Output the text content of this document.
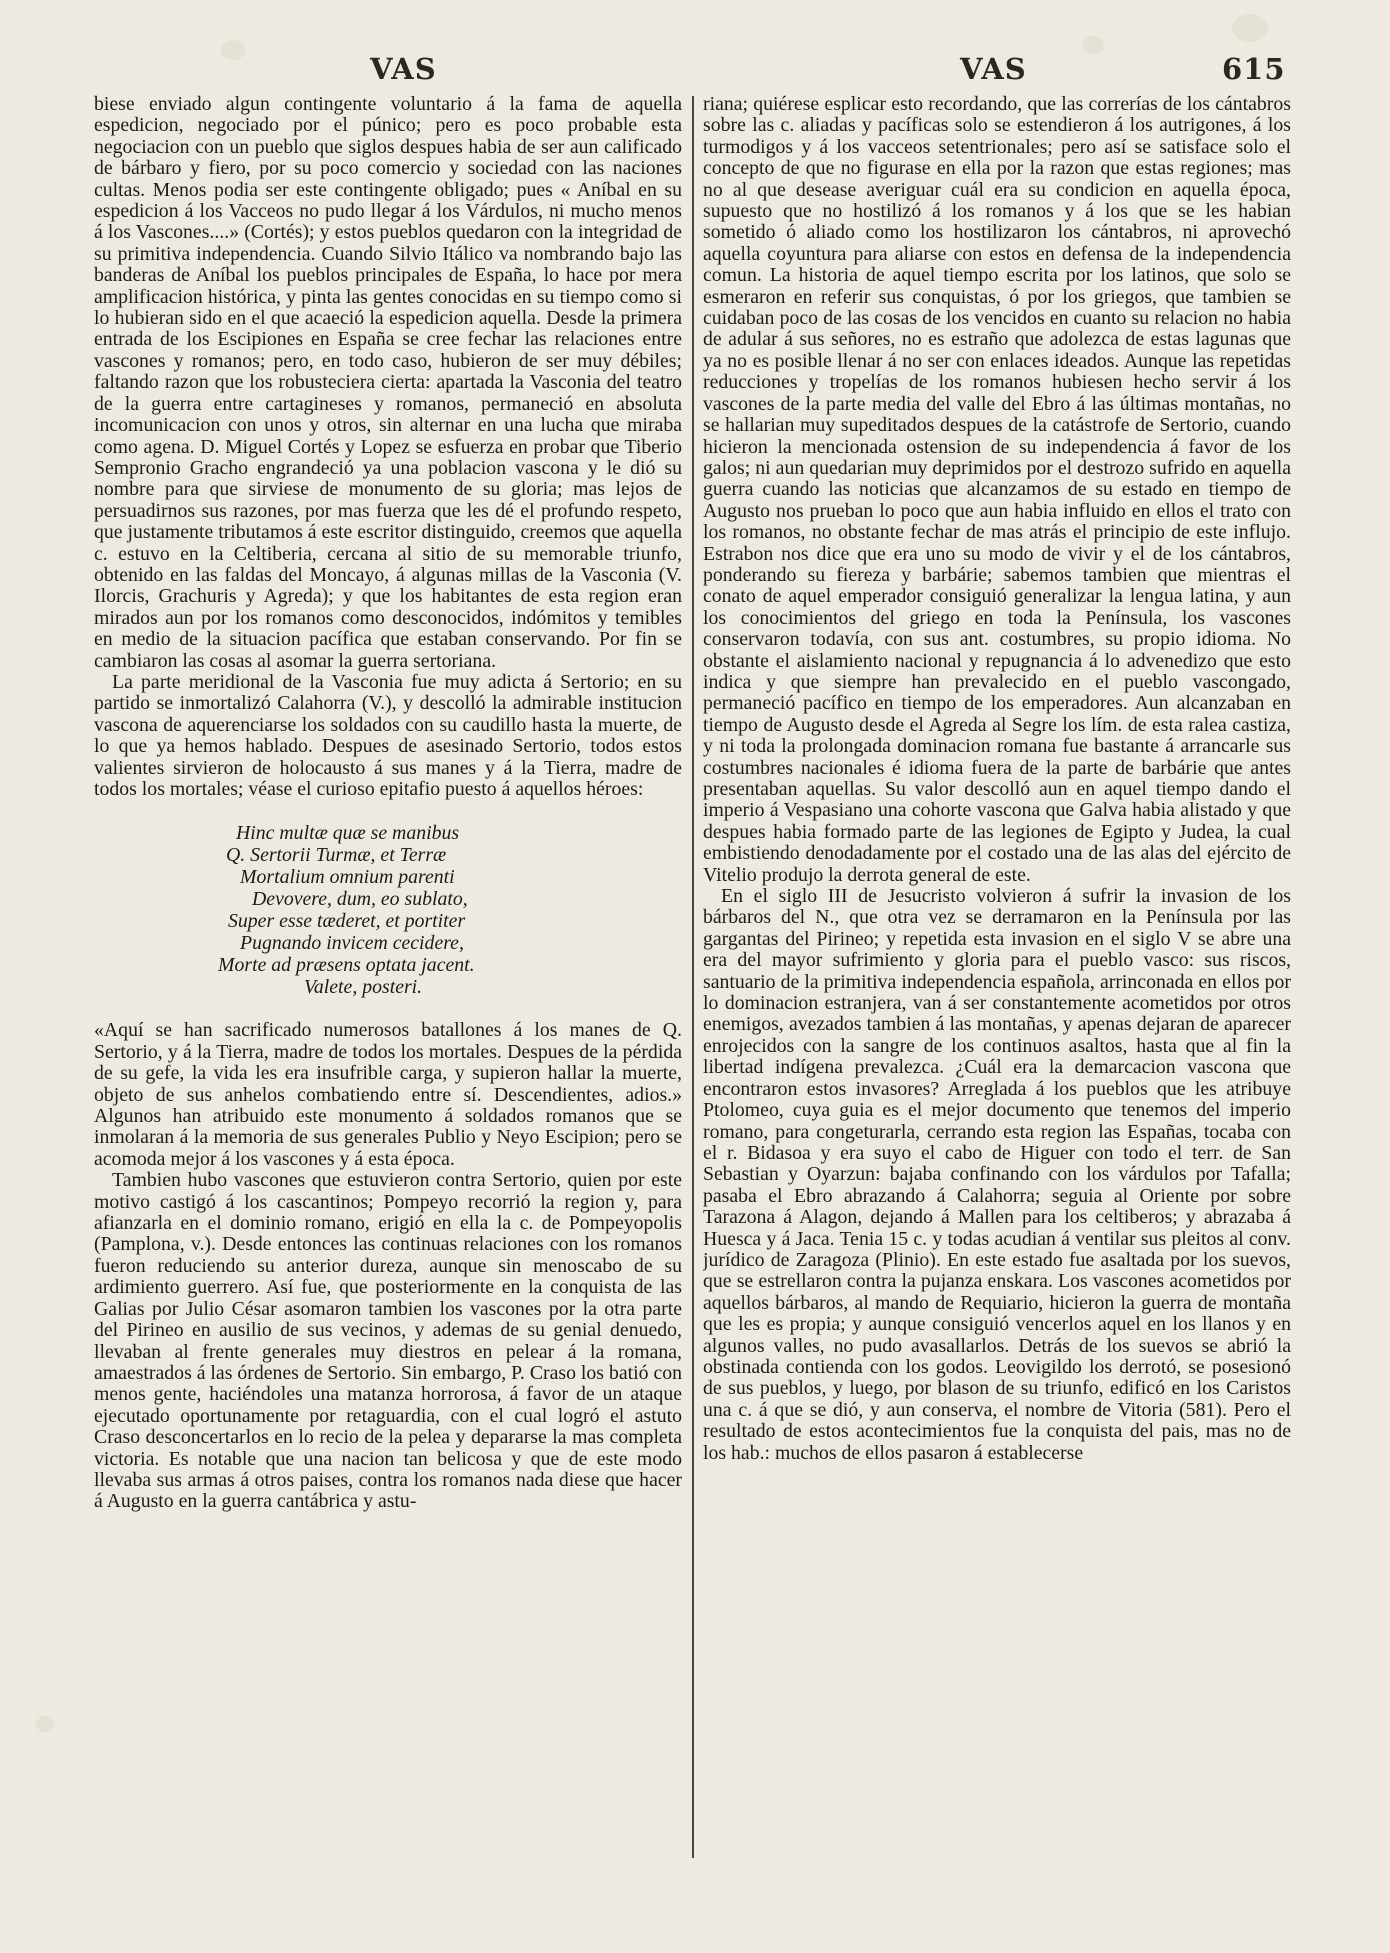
VAS	VAS	615

biese enviado algun contingente voluntario á la fama de aquella espedicion, negociado por el púnico; pero es poco probable esta negociacion con un pueblo que siglos despues habia de ser aun calificado de bárbaro y fiero, por su poco comercio y sociedad con las naciones cultas. Menos podia ser este contingente obligado; pues « Aníbal en su espedicion á los Vacceos no pudo llegar á los Várdulos, ni mucho menos á los Vascones....» (Cortés); y estos pueblos quedaron con la integridad de su primitiva independencia. Cuando Silvio Itálico va nombrando bajo las banderas de Aníbal los pueblos principales de España, lo hace por mera amplificacion histórica, y pinta las gentes conocidas en su tiempo como si lo hubieran sido en el que acaeció la espedicion aquella. Desde la primera entrada de los Escipiones en España se cree fechar las relaciones entre vascones y romanos; pero, en todo caso, hubieron de ser muy débiles; faltando razon que los robusteciera cierta: apartada la Vasconia del teatro de la guerra entre cartagineses y romanos, permaneció en absoluta incomunicacion con unos y otros, sin alternar en una lucha que miraba como agena. D. Miguel Cortés y Lopez se esfuerza en probar que Tiberio Sempronio Gracho engrandeció ya una poblacion vascona y le dió su nombre para que sirviese de monumento de su gloria; mas lejos de persuadirnos sus razones, por mas fuerza que les dé el profundo respeto, que justamente tributamos á este escritor distinguido, creemos que aquella c. estuvo en la Celtiberia, cercana al sitio de su memorable triunfo, obtenido en las faldas del Moncayo, á algunas millas de la Vasconia (V. Ilorcis, Grachuris y Agreda); y que los habitantes de esta region eran mirados aun por los romanos como desconocidos, indómitos y temibles en medio de la situacion pacífica que estaban conservando. Por fin se cambiaron las cosas al asomar la guerra sertoriana.

La parte meridional de la Vasconia fue muy adicta á Sertorio; en su partido se inmortalizó Calahorra (V.), y descolló la admirable institucion vascona de aquerenciarse los soldados con su caudillo hasta la muerte, de lo que ya hemos hablado. Despues de asesinado Sertorio, todos estos valientes sirvieron de holocausto á sus manes y á la Tierra, madre de todos los mortales; véase el curioso epitafio puesto á aquellos héroes:

Hinc multæ quæ se manibus
Q. Sertorii Turmæ, et Terræ
Mortalium omnium parenti
Devovere, dum, eo sublato,
Super esse tæderet, et portiter
Pugnando invicem cecidere,
Morte ad præsens optata jacent.
Valete, posteri.

«Aquí se han sacrificado numerosos batallones á los manes de Q. Sertorio, y á la Tierra, madre de todos los mortales. Despues de la pérdida de su gefe, la vida les era insufrible carga, y supieron hallar la muerte, objeto de sus anhelos combatiendo entre sí. Descendientes, adios.» Algunos han atribuido este monumento á soldados romanos que se inmolaran á la memoria de sus generales Publio y Neyo Escipion; pero se acomoda mejor á los vascones y á esta época.

Tambien hubo vascones que estuvieron contra Sertorio, quien por este motivo castigó á los cascantinos; Pompeyo recorrió la region y, para afianzarla en el dominio romano, erigió en ella la c. de Pompeyopolis (Pamplona, v.). Desde entonces las continuas relaciones con los romanos fueron reduciendo su anterior dureza, aunque sin menoscabo de su ardimiento guerrero. Así fue, que posteriormente en la conquista de las Galias por Julio César asomaron tambien los vascones por la otra parte del Pirineo en ausilio de sus vecinos, y ademas de su genial denuedo, llevaban al frente generales muy diestros en pelear á la romana, amaestrados á las órdenes de Sertorio. Sin embargo, P. Craso los batió con menos gente, haciéndoles una matanza horrorosa, á favor de un ataque ejecutado oportunamente por retaguardia, con el cual logró el astuto Craso desconcertarlos en lo recio de la pelea y depararse la mas completa victoria. Es notable que una nacion tan belicosa y que de este modo llevaba sus armas á otros paises, contra los romanos nada diese que hacer á Augusto en la guerra cantábrica y astu-

riana; quiérese esplicar esto recordando, que las correrías de los cántabros sobre las c. aliadas y pacíficas solo se estendieron á los autrigones, á los turmodigos y á los vacceos setentrionales; pero así se satisface solo el concepto de que no figurase en ella por la razon que estas regiones; mas no al que desease averiguar cuál era su condicion en aquella época, supuesto que no hostilizó á los romanos y á los que se les habian sometido ó aliado como los hostilizaron los cántabros, ni aprovechó aquella coyuntura para aliarse con estos en defensa de la independencia comun. La historia de aquel tiempo escrita por los latinos, que solo se esmeraron en referir sus conquistas, ó por los griegos, que tambien se cuidaban poco de las cosas de los vencidos en cuanto su relacion no habia de adular á sus señores, no es estraño que adolezca de estas lagunas que ya no es posible llenar á no ser con enlaces ideados. Aunque las repetidas reducciones y tropelías de los romanos hubiesen hecho servir á los vascones de la parte media del valle del Ebro á las últimas montañas, no se hallarian muy supeditados despues de la catástrofe de Sertorio, cuando hicieron la mencionada ostension de su independencia á favor de los galos; ni aun quedarian muy deprimidos por el destrozo sufrido en aquella guerra cuando las noticias que alcanzamos de su estado en tiempo de Augusto nos prueban lo poco que aun habia influido en ellos el trato con los romanos, no obstante fechar de mas atrás el principio de este influjo. Estrabon nos dice que era uno su modo de vivir y el de los cántabros, ponderando su fiereza y barbárie; sabemos tambien que mientras el conato de aquel emperador consiguió generalizar la lengua latina, y aun los conocimientos del griego en toda la Península, los vascones conservaron todavía, con sus ant. costumbres, su propio idioma. No obstante el aislamiento nacional y repugnancia á lo advenedizo que esto indica y que siempre han prevalecido en el pueblo vascongado, permaneció pacífico en tiempo de los emperadores. Aun alcanzaban en tiempo de Augusto desde el Agreda al Segre los lím. de esta ralea castiza, y ni toda la prolongada dominacion romana fue bastante á arrancarle sus costumbres nacionales é idioma fuera de la parte de barbárie que antes presentaban aquellas. Su valor descolló aun en aquel tiempo dando el imperio á Vespasiano una cohorte vascona que Galva habia alistado y que despues habia formado parte de las legiones de Egipto y Judea, la cual embistiendo denodadamente por el costado una de las alas del ejército de Vitelio produjo la derrota general de este.

En el siglo III de Jesucristo volvieron á sufrir la invasion de los bárbaros del N., que otra vez se derramaron en la Península por las gargantas del Pirineo; y repetida esta invasion en el siglo V se abre una era del mayor sufrimiento y gloria para el pueblo vasco: sus riscos, santuario de la primitiva independencia española, arrinconada en ellos por lo dominacion estranjera, van á ser constantemente acometidos por otros enemigos, avezados tambien á las montañas, y apenas dejaran de aparecer enrojecidos con la sangre de los continuos asaltos, hasta que al fin la libertad indígena prevalezca. ¿Cuál era la demarcacion vascona que encontraron estos invasores? Arreglada á los pueblos que les atribuye Ptolomeo, cuya guia es el mejor documento que tenemos del imperio romano, para congeturarla, cerrando esta region las Españas, tocaba con el r. Bidasoa y era suyo el cabo de Higuer con todo el terr. de San Sebastian y Oyarzun: bajaba confinando con los várdulos por Tafalla; pasaba el Ebro abrazando á Calahorra; seguia al Oriente por sobre Tarazona á Alagon, dejando á Mallen para los celtiberos; y abrazaba á Huesca y á Jaca. Tenia 15 c. y todas acudian á ventilar sus pleitos al conv. jurídico de Zaragoza (Plinio). En este estado fue asaltada por los suevos, que se estrellaron contra la pujanza enskara. Los vascones acometidos por aquellos bárbaros, al mando de Requiario, hicieron la guerra de montaña que les es propia; y aunque consiguió vencerlos aquel en los llanos y en algunos valles, no pudo avasallarlos. Detrás de los suevos se abrió la obstinada contienda con los godos. Leovigildo los derrotó, se posesionó de sus pueblos, y luego, por blason de su triunfo, edificó en los Caristos una c. á que se dió, y aun conserva, el nombre de Vitoria (581). Pero el resultado de estos acontecimientos fue la conquista del pais, mas no de los hab.: muchos de ellos pasaron á establecerse
